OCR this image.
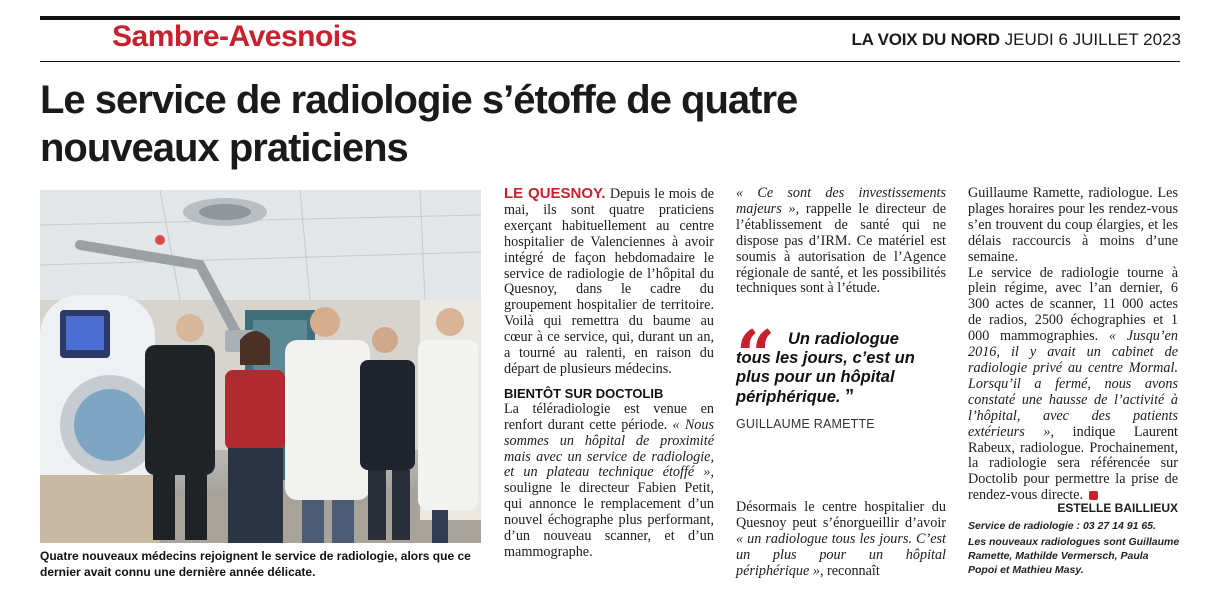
Sambre-Avesnois	LA VOIX DU NORD JEUDI 6 JUILLET 2023
Le service de radiologie s’étoffe de quatre nouveaux praticiens
Quatre nouveaux médecins rejoignent le service de radiologie, alors que ce dernier avait connu une dernière année délicate.

LE QUESNOY. Depuis le mois de mai, ils sont quatre praticiens exerçant habituellement au centre hospitalier de Valenciennes à avoir intégré de façon hebdomadaire le service de radiologie de l’hôpital du Quesnoy, dans le cadre du groupement hospitalier de territoire. Voilà qui remettra du baume au cœur à ce service, qui, durant un an, a tourné au ralenti, en raison du départ de plusieurs médecins.

BIENTÔT SUR DOCTOLIB

La téléradiologie est venue en renfort durant cette période. « Nous sommes un hôpital de proximité mais avec un service de radiologie, et un plateau technique étoffé », souligne le directeur Fabien Petit, qui annonce le remplacement d’un nouvel échographe plus performant, d’un nouveau scanner, et d’un mammographe.

« Ce sont des investissements majeurs », rappelle le directeur de l’établissement de santé qui ne dispose pas d’IRM. Ce matériel est soumis à autorisation de l’Agence régionale de santé, et les possibilités techniques sont à l’étude.

“ Un radiologue
tous les jours, c’est un plus pour un hôpital périphérique. ”

GUILLAUME RAMETTE

Désormais le centre hospitalier du Quesnoy peut s’énorgueillir d’avoir « un radiologue tous les jours. C’est un plus pour un hôpital périphérique », reconnaît

Guillaume Ramette, radiologue. Les plages horaires pour les rendez-vous s’en trouvent du coup élargies, et les délais raccourcis à moins d’une semaine.

Le service de radiologie tourne à plein régime, avec l’an dernier, 6 300 actes de scanner, 11 000 actes de radios, 2500 échographies et 1 000 mammographies. « Jusqu’en 2016, il y avait un cabinet de radiologie privé au centre Mormal. Lorsqu’il a fermé, nous avons constaté une hausse de l’activité à l’hôpital, avec des patients extérieurs », indique Laurent Rabeux, radiologue. Prochainement, la radiologie sera référencée sur Doctolib pour permettre la prise de rendez-vous directe.

ESTELLE BAILLIEUX

Service de radiologie : 03 27 14 91 65.

Les nouveaux radiologues sont Guillaume Ramette, Mathilde Vermersch, Paula Popoi et Mathieu Masy.
